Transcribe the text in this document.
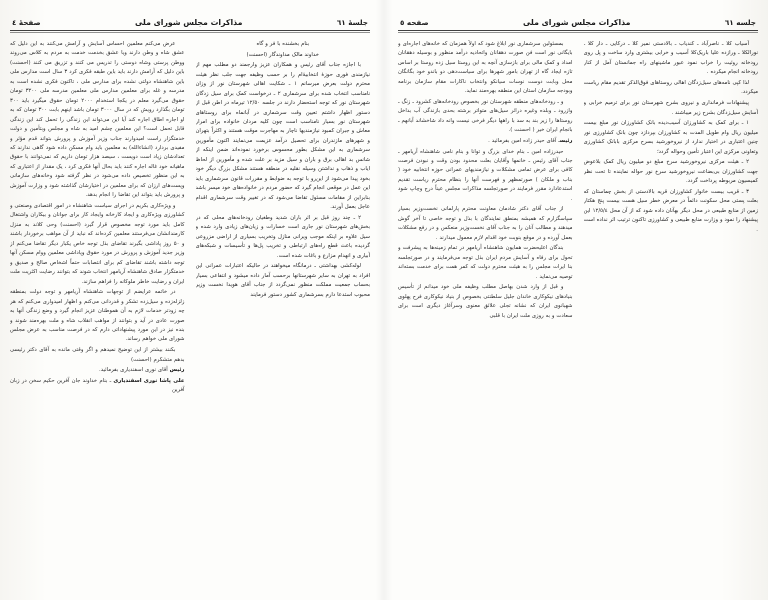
جلسه ٦١
مذاکرات مجلس شورای ملی
صفحه ٥

آسیاب کلا ـ ناصرآباد ـ کندیاب ـ بالادستی نمیر کلا ـ درکایی ـ دار کلا ـ نورالکلا ـ ورازده علیا باریک‌کلا آسیب و خرابی بیشتری وارد ساخت و پل روی رودخانه روئیت را خراب نمود عبور ماشینهای راه جمانستان آمل از کنار رودخانه انجام میکرده .

لذا کپی نامه‌های سیل‌زدگان اهالی روستاهای فوق‌الذکر تقدیم مقام ریاست میکردد.

پیشنهادات فرمانداری و نیروی بشرح شهرستان نور برای ترمیم خرابی و آسایش سیل‌زدگان بشرح زیر میباشند .

۱ ـ برای کمک به کشاورزان آسیب‌دیده بانک کشاورزان نور مبلغ بیست میلیون ریال وام طویل المدت به کشاورزان بپردازد چون بانک کشاورزی نور چنین اعتباری در اختیار ندارد از نیروخورشید بسرح مرکزی بابانک کشاورزی وتعاونی مرکزی این اعتبار تأمین وحواله گردد؛

۲ ـ هیئت مرکزی نیروخورشید سرخ مبلغ دو میلیون ریال کمک بلاعوض جهت کشاورزان بی‌بضاعت نیروخورشید سرخ نور حواله نماینده تا تحت نظر کمیسیون مربوطه پرداخت گردد.

۳ ـ قریب بیست خانوار کشاورزان قریه بالادستی از بخش چماستان که بعلت پستی محل سکونت دائماً در معرض خطر سیل هست بیست پنج هکتار زمین از منابع طبیعی در محل دیگر بهآنان داده شود که از آن محل ۱۲/٥/٤ این پیشنهاد را نمود و وزارت منابع طبیعی و کشاورزی تاکنون ترتیب اثر نداده است .

بمسئولین سرشماری نور ابلاغ شود که اولاً همزمان که خانه‌های اجاره‌ای و بایگانی نور است فن صورت دهقانان واتحادیه درآمد منظور و بوسیله دهقانان امداد و کمک مالی برای بازسازی آنچه به این روستا سیل زده روستا بر اساس تازه ایجاد گاه از تهران بامور شهرها برای سیاست‌دهی دو باندو خود بگانگان محل وبابت دوست نوسات سیانکو وانتخاب ناکارات مقام سازمان برنامه وبودجه سازمان استان این منطقه بهره‌مند نماید.

و ـ رودخانه‌های منطقه شهرستان نور بخصوص رودخانه‌های کشرود ـ زنگ ـ وازرود ـ وبلده وغیره دراثر سیل‌های متواتر برشته بحدی بازندگی آب بداخل روستاها را زیر بند به سد با راهها دیگر فرخی نیست وانه داد شاخشاند آبانهم ـ بانجام ایران خیر ( احسنت ).

رئیسـ آقای حیدر زاده امین بفرمائید .

حیدرزاده امین ـ بنام خدای بزرگ و توانا و بنام نامی شاهنشاه آریامهر ـ جناب آقای رئیس ـ خانمها وآقایان بعلت محدود بودن وقت و نبودن فرصت کافی برای عرض تمامی مشکلات و نیازمندیهای عمرانی حوزه انتخابیه خود ( بناب و ملکان ) صورتمظهر و فهرست آنها را بنظام محترم ریاست تقدیم استدعادارد مقرر فرمایند در صورتجلسه مذاکرات مجلس عیناً درج وچاپ شود .

از جناب آقای دکتر شادمان معاونت محترم پارلمانی نخست‌وزیر بسیار سپاسگزارم که همیشه بمنطق نمایندگان با بذل و توجه خاصی تا آخر گوش میدهند و مطالب آنان را به جناب آقای نخست‌وزیر منعکس و در رفع مشکلات بعمل آورده و در موقع بنوبت خود اقدام لازم معمول میدارند .

بندگان اعلیحضرت همایون شاهنشاه آریامهر در تمام زمینه‌ها به پیشرفت و تحول برای رفاه و آسایش مردم ایران بذل توجه می‌فرمایند و در صورتجلسه بنا ایرات مجلس را به هیئت محترم دولت که کمر همت برای خدمت بسته‌اند توصیه می‌نماید .

و قبل از وارد شدن بهاصل مطلب وظیفه ملی خود میدانم از تأسیس بنیادهای نیکوکاری خاندان جلیل سلطنتی بخصوص از بنیاد نیکوکاری فرح پهلوی شهبانوی ایران که نشانه تجلی علائق معنوی وسرآغاز دیگری است برای سعادت و به روزی ملت ایران با قلبی

جلسهٔ ٦١
مذاکرات مجلس شورای ملی
صفحهٔ ٤

بنام بخشنده با فر و گاه

خداوند مالک مداوندگار (احسنت)

با اجازه جناب آقای رئیس و همکاران عزیز وارجمند دو مطلب مهم از نیازمندی فوری حوزهٔ انتخابیهٔ‌ام را بر حسب وظیفه جهت جلب نظر هیئت محترم دولت بعرض میرسانم ۱ ـ شکایت اهالی شهرستان نور از وزان نامناسب انتخاب شده برای سرشماری ۲ ـ درخواست کمک برای سیل زدگان شهرستان نور که توجه استحضار دارند در جلسه ۱۲/٥٠ تیرماه در اطن قبل از دستور اظهار داشتم تعیین وقت سرشماری در آبانماه برای روستاهای شهرستان نور بسیار نامناسب است چون کلیه مردان خانواده برای امرار معاش و جبران کمبود نیازمندیها ناچار به مهاجرت موقت هستند و اکثراً بتهران و شهرهای مازندران برای تحصیل درآمد عزیمت می‌نمایند اکنون مأمورین سرشماری به این مشکل بطور محسوس برخورد نموده‌اند ضمن اینکه از شانس بد اهالی برق و باران و سیل مزید بر علت شده و مأمورین از لحاظ ایاب و ذهاب و نداشتن وسیله نقلیه در منطقه هستند مشکل بزرگ دیگر خود بخود پیدا می‌شود از این‌رو با توجه به ضوابط و مقررات قانون سرشماری باید این عمل در موقعی انجام گیرد که حضور مردم در خانواده‌های خود میسر باشد بنابراین از مقامات مسئول تقاضا می‌شود که در تغییر وقت سرشماری اقدام عاجل بعمل آورند.

۲ ـ چند روز قبل بر اثر باران شدید وطغیان رودخانه‌های محلی که در بخش‌های شهرستان نور جاری است خسارات و زیان‌های زیادی وارد شده و سیل علاوه بر اینکه موجب ویرانی منازل وتخریب بسیاری از اراضی مزروعی گردیده باعث قطع راه‌های ارتباطی و تخریب پل‌ها و تأسیسات و شبکه‌های آبیاری و انهدام مزارع و باغات شده است.

لوله‌کشی بهداشتی ـ درمانگاه میخواهند در حالیکه اعتبارات عمرانی این افراد به تهران به سایر شهرستانها برحسب آمار داده میشود و انتفاعی بسیار بحساب جمعیت مملکت منظور نمی‌گردد از جناب آقای هویدا نخست وزیر محبوب استدعا دارم بسرشماری کشور دستور فرمایند

عرض می‌کنم معلمین احساس آسایش و آرامش می‌کنند به این دلیل که عشق شاه و وطن دارند ویا عشق بخدمت خدمت به مردم به کلاس می‌روند ووطن پرستی وشاه دوستی را تدریس می کنند و تزریق می کنند (احسنت) باین دلیل که آرامش دارند باید باین طبقه فکری کرد ۳ سال است مدارس ملی باین شاهنشاه دولتی نشده برای مدارس ملی ، تاکنون فکری نشده است به مدرسه و غله برای معلمین مدارس ملی معلمین مدرسه ملی ۳۲۰۰ تومان حقوق می‌گیرد معلم در یکجا استخدام ۲۰۰۰ تومان حقوق میگیرد باید ۳۰۰ تومان بگذارد رویش که در سال ۳۰۰۰ تومان باشد اینهم بابت ۳۰۰ تومان که به او اجاره اطاق اجاره کند آیا این می‌تواند این زندگی را تحمل کند این زندگی قابل تحمل است؟ این معلمین چشم امید به شاه و مجلس وبتأمین و دولت خدمتگزار راست امیدوارند جناب وزیر آموزش و پرورش بتواند قدم مؤثر و مفیدی بردارد (انشاءالله) به معلمین باید وام مسکن داده شود گاهی ندارند که تعدادشان زیاد است دویست ، سیصد هزار تومان داریم که نمی‌توانند با حقوق ماهیانه خود غاله اجاره کنند باید بحال آنها فکری کرد ، یک مقدار از اعتباری که به این منظور تخصیص داده می‌شود در نظر گرفته شود وخانه‌های سازمانی وپست‌های ارزان که برای معلمین در اختیارشان گذاشته شود و وزارت آموزش و پرورش باید بتواند این تقاضا را انجام بدهد.

و ویژه‌کاری بکریم در اجرای سیاست شاهنشاه در امور اقتصادی وصنعتی و کشاورزی ویژه‌کاری و ایجاد کارخانه وایجاد کار برای جوانان و بیکاران واشتغال کامل باید مورد توجه مخصوص قرار گیرد (احسنت) وحی کلاند به منزل کارمندانشان می‌فرستند معلمین کرده‌اند که نباید از آن مواهب برخوردار باشند و ۵۰ روز پاداشی بگیرند تقاضای بذل توجه خاص یکبار دیگر تقاضا می‌کنم از وزیر جدید آموزش و پرورش در مورد حقوق وپاداشی معلمین ووام مسکن آنها توجه داشته باشند تقاضای کم برای انتصابات حتماً اشخاص صالح و صدیق و خدمتگزار صادق شاهنشاه آریامهر انتخاب شوند که بتوانند رضایت اکثریت ملت ایران و رضایت خاطر ملوکانه را فراهم سازند.

در خاتمه عرایضم از توجهات شاهنشاه آریامهر و توجه دولت بمنطقه زلزله‌زده و سیل‌زده تشکر و قدردانی می‌کنم و اظهار امیدواری می‌کنم که هر چه زودتر خدمات لازم به آن هموطنان عزیز انجام گیرد و وضع زندگی آنها به صورت عادی در آید و بتوانند از مواهب انقلاب شاه و ملت بهره‌مند شوند و بنده نیز در این مورد پیشنهاداتی دارم که در فرصت مناسب به عرض مجلس شورای ملی خواهم رساند.

بکنند بیشتر از این توضیح نمیدهم و اگر وقتی مانده به آقای دکتر رئیسی بدهم متشکرم (احسنت)

رئیس آقای نوری اسفندیاری بفرمائید.

علی پاشا نوری اسفندیاری ـ بنام خداوند جان آفرین حکیم سخن در زبان آفرین
